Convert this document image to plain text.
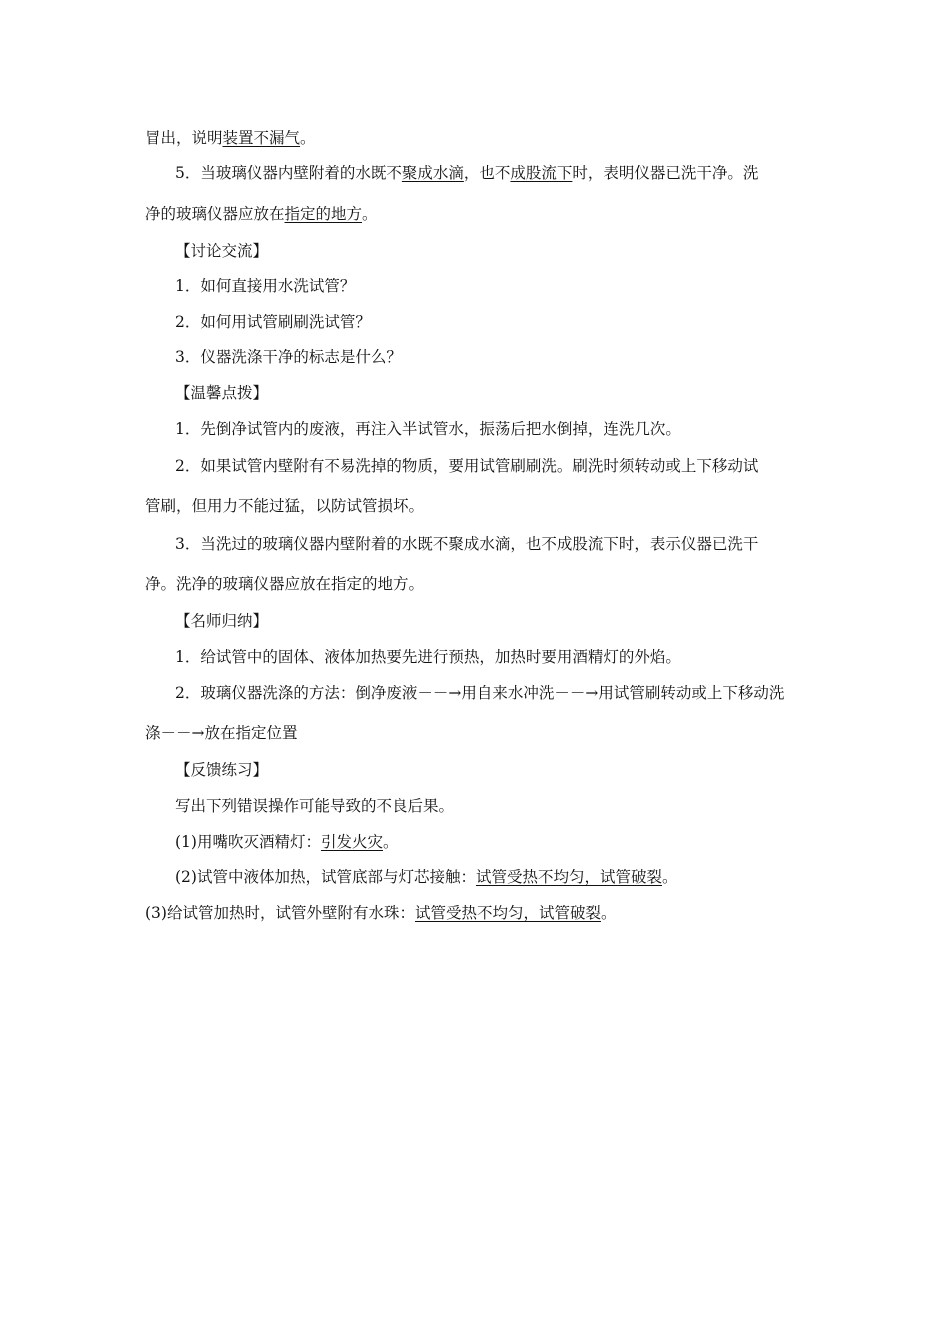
冒出，说明装置不漏气。
5．当玻璃仪器内壁附着的水既不聚成水滴，也不成股流下时，表明仪器已洗干净。洗
净的玻璃仪器应放在指定的地方。
【讨论交流】
1．如何直接用水洗试管？
2．如何用试管刷刷洗试管？
3．仪器洗涤干净的标志是什么？
【温馨点拨】
1．先倒净试管内的废液，再注入半试管水，振荡后把水倒掉，连洗几次。
2．如果试管内壁附有不易洗掉的物质，要用试管刷刷洗。刷洗时须转动或上下移动试
管刷，但用力不能过猛，以防试管损坏。
3．当洗过的玻璃仪器内壁附着的水既不聚成水滴，也不成股流下时，表示仪器已洗干
净。洗净的玻璃仪器应放在指定的地方。
【名师归纳】
1．给试管中的固体、液体加热要先进行预热，加热时要用酒精灯的外焰。
2．玻璃仪器洗涤的方法：倒净废液－－→用自来水冲洗－－→用试管刷转动或上下移动洗
涤－－→放在指定位置
【反馈练习】
写出下列错误操作可能导致的不良后果。
(1)用嘴吹灭酒精灯：引发火灾。
(2)试管中液体加热，试管底部与灯芯接触：试管受热不均匀，试管破裂。
(3)给试管加热时，试管外壁附有水珠：试管受热不均匀，试管破裂。
